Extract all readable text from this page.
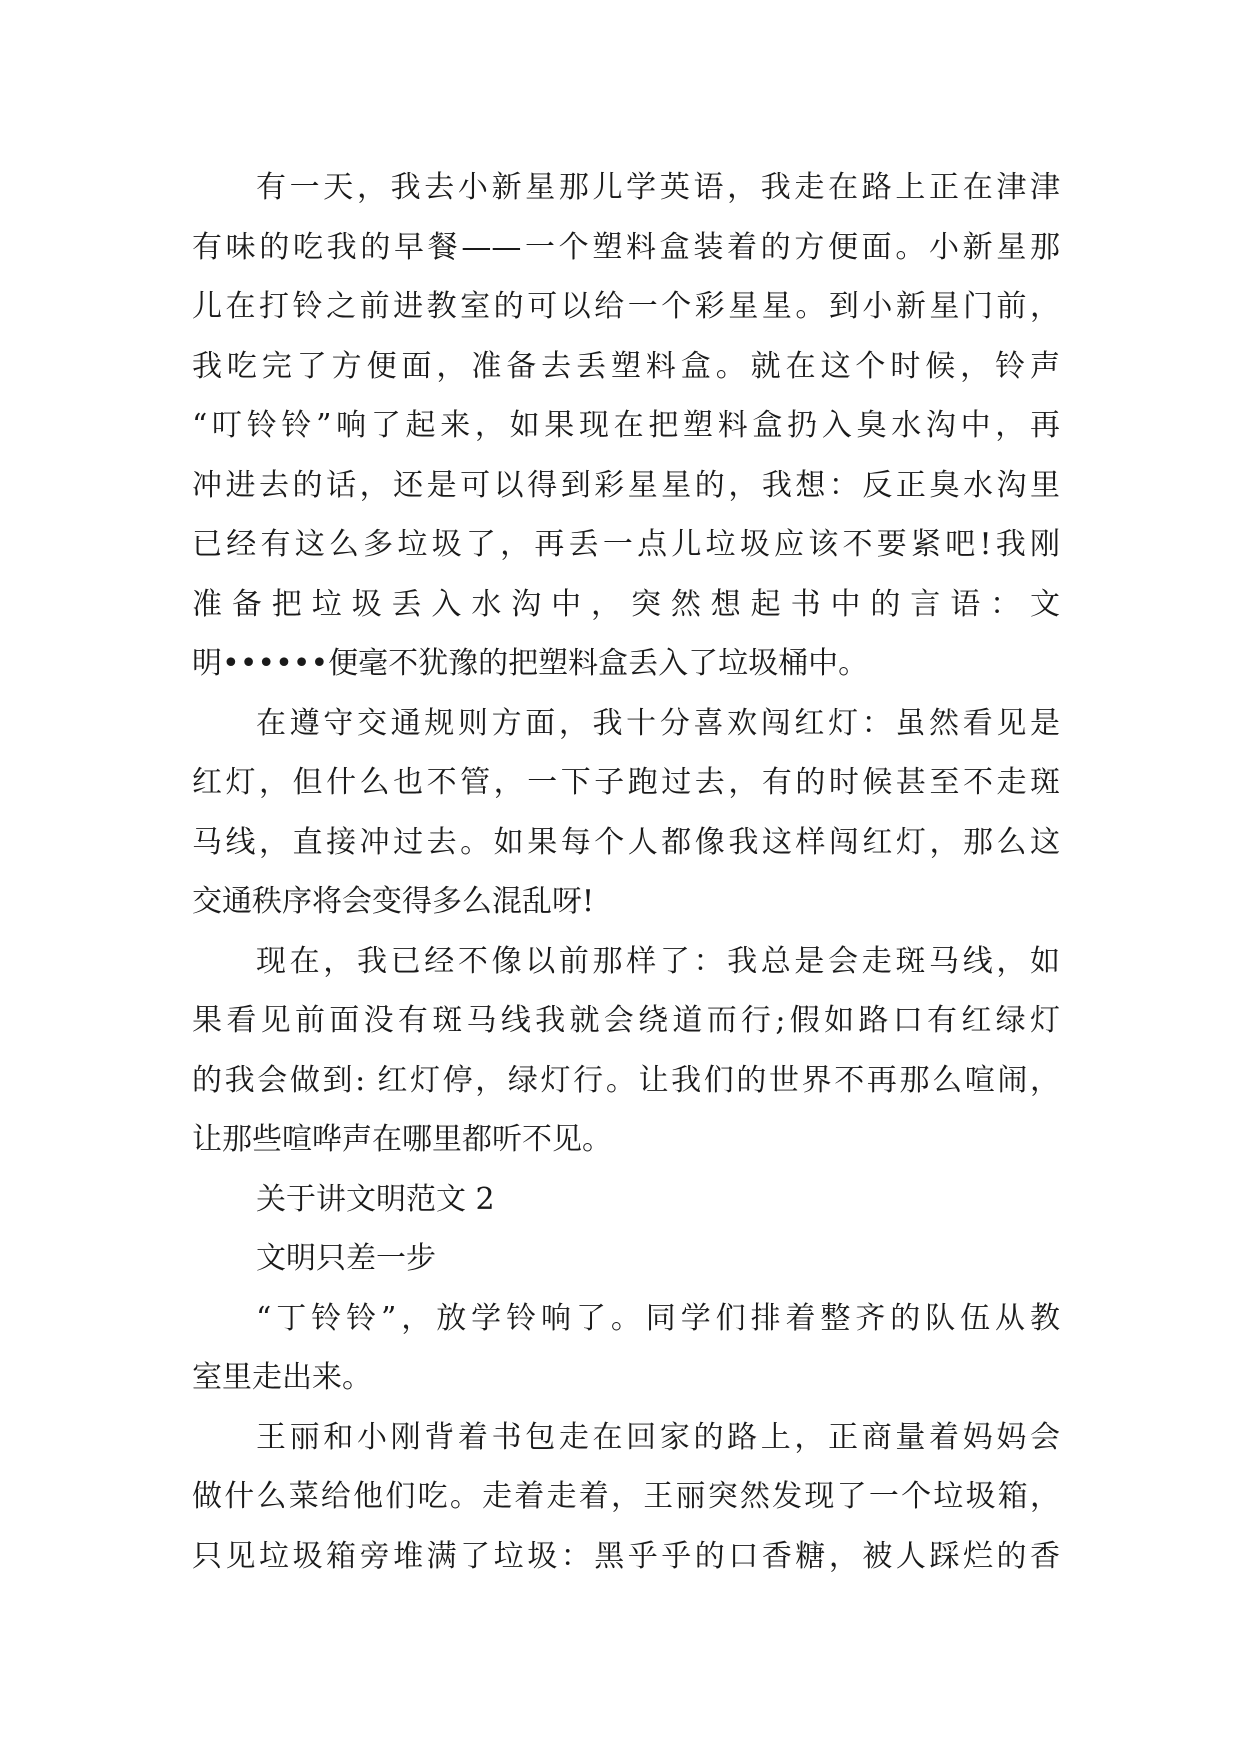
有一天，我去小新星那儿学英语，我走在路上正在津津
有味的吃我的早餐——一个塑料盒装着的方便面。小新星那
儿在打铃之前进教室的可以给一个彩星星。到小新星门前，
我吃完了方便面，准备去丢塑料盒。就在这个时候，铃声
“叮铃铃”响了起来，如果现在把塑料盒扔入臭水沟中，再
冲进去的话，还是可以得到彩星星的，我想：反正臭水沟里
已经有这么多垃圾了，再丢一点儿垃圾应该不要紧吧!我刚
准备把垃圾丢入水沟中，突然想起书中的言语：文
明••••••便毫不犹豫的把塑料盒丢入了垃圾桶中。
在遵守交通规则方面，我十分喜欢闯红灯：虽然看见是
红灯，但什么也不管，一下子跑过去，有的时候甚至不走斑
马线，直接冲过去。如果每个人都像我这样闯红灯，那么这
交通秩序将会变得多么混乱呀!
现在，我已经不像以前那样了：我总是会走斑马线，如
果看见前面没有斑马线我就会绕道而行;假如路口有红绿灯
的我会做到: 红灯停，绿灯行。让我们的世界不再那么喧闹，
让那些喧哗声在哪里都听不见。
关于讲文明范文 2
文明只差一步
“丁铃铃”，放学铃响了。同学们排着整齐的队伍从教
室里走出来。
王丽和小刚背着书包走在回家的路上，正商量着妈妈会
做什么菜给他们吃。走着走着，王丽突然发现了一个垃圾箱，
只见垃圾箱旁堆满了垃圾：黑乎乎的口香糖，被人踩烂的香
